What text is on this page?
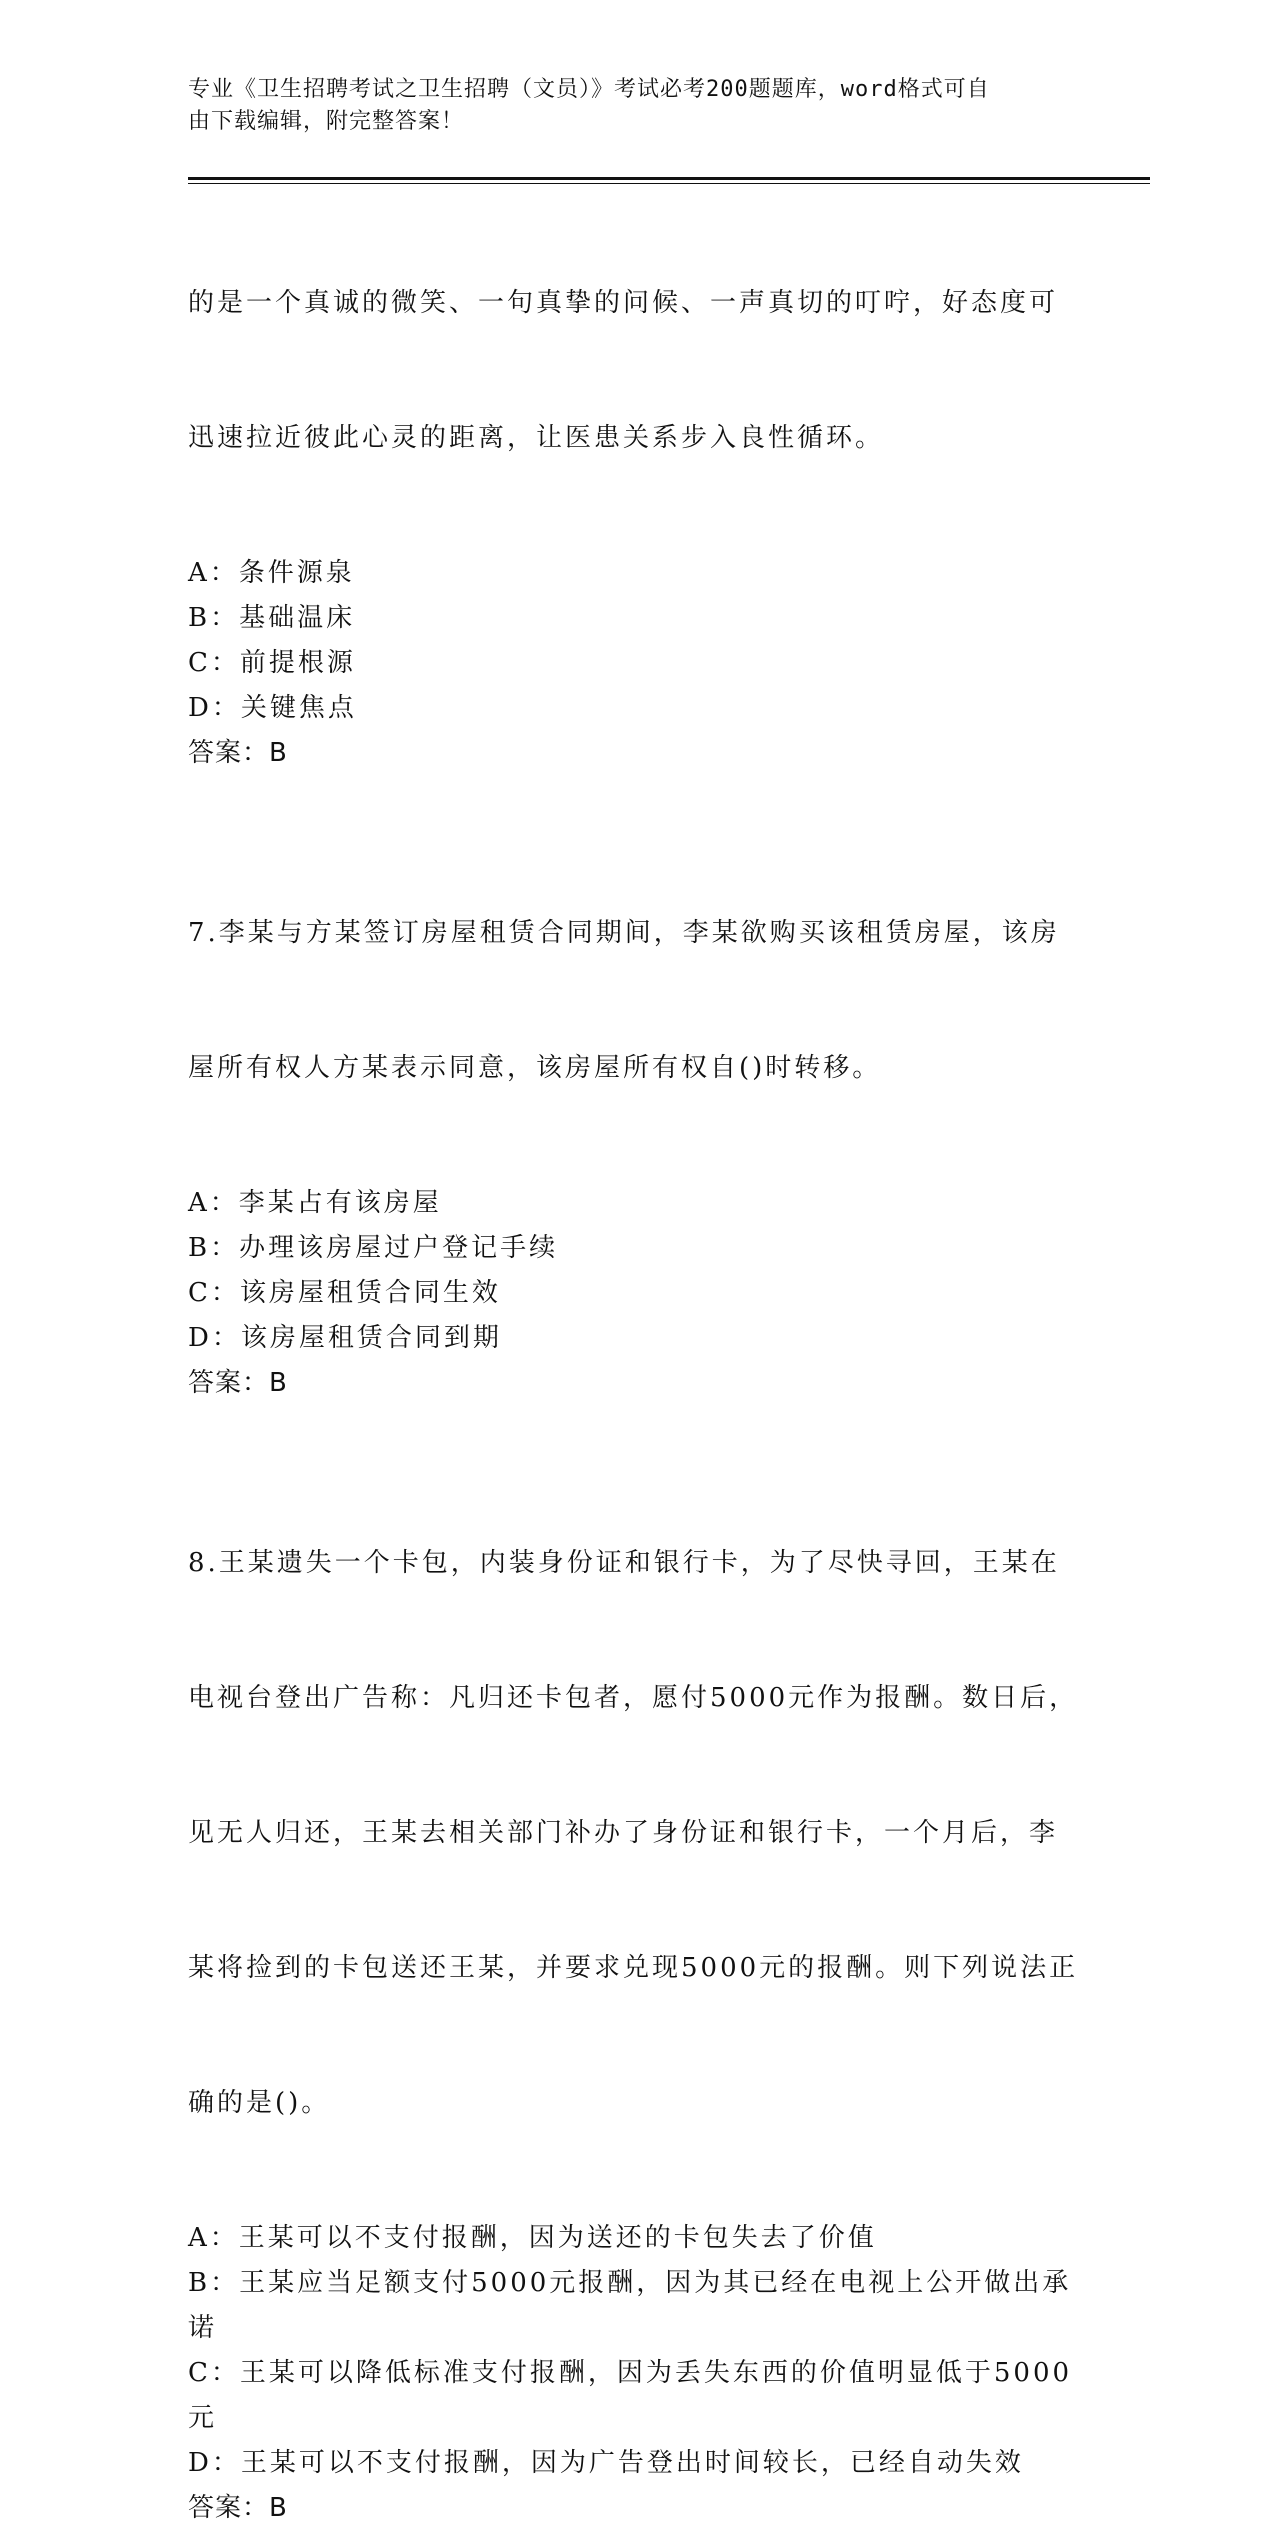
专业《卫生招聘考试之卫生招聘（文员）》考试必考200题题库，word格式可自
由下载编辑，附完整答案！

的是一个真诚的微笑、一句真挚的问候、一声真切的叮咛，好态度可

迅速拉近彼此心灵的距离，让医患关系步入良性循环。

A：条件源泉

B：基础温床

C：前提根源

D：关键焦点

答案：B

7.李某与方某签订房屋租赁合同期间，李某欲购买该租赁房屋，该房

屋所有权人方某表示同意，该房屋所有权自()时转移。

A：李某占有该房屋

B：办理该房屋过户登记手续

C：该房屋租赁合同生效

D：该房屋租赁合同到期

答案：B

8.王某遗失一个卡包，内装身份证和银行卡，为了尽快寻回，王某在

电视台登出广告称：凡归还卡包者，愿付5000元作为报酬。数日后，

见无人归还，王某去相关部门补办了身份证和银行卡，一个月后，李

某将捡到的卡包送还王某，并要求兑现5000元的报酬。则下列说法正

确的是()。

A：王某可以不支付报酬，因为送还的卡包失去了价值

B：王某应当足额支付5000元报酬，因为其已经在电视上公开做出承
诺

C：王某可以降低标准支付报酬，因为丢失东西的价值明显低于5000
元

D：王某可以不支付报酬，因为广告登出时间较长，已经自动失效

答案：B
